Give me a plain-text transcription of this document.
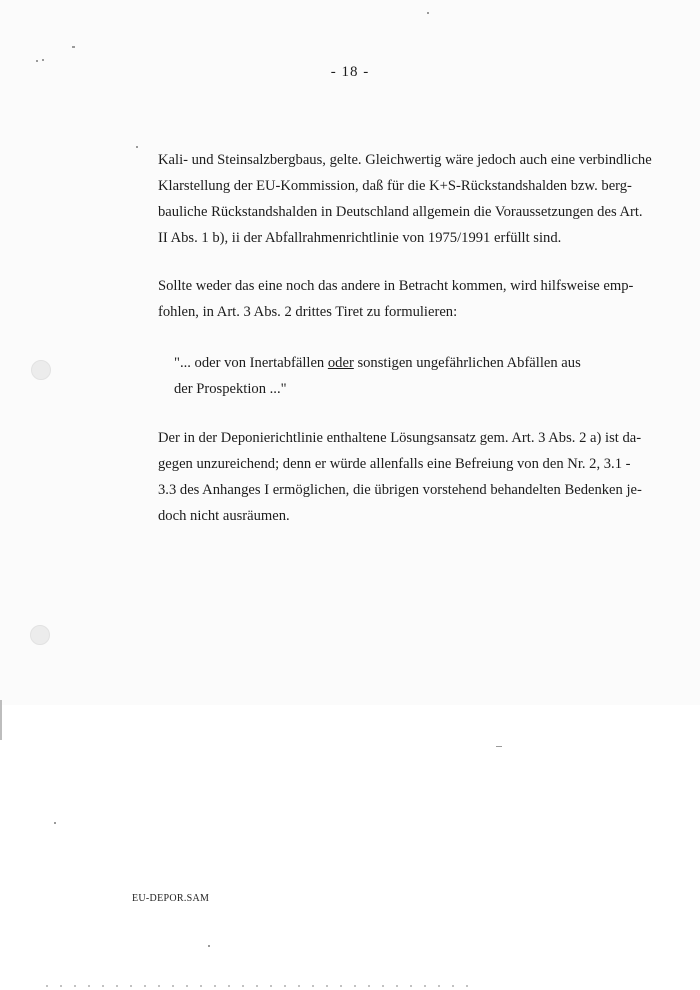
- 18 -

Kali- und Steinsalzbergbaus, gelte. Gleichwertig wäre jedoch auch eine verbindliche
Klarstellung der EU-Kommission, daß für die K+S-Rückstandshalden bzw. berg-
bauliche Rückstandshalden in Deutschland allgemein die Voraussetzungen des Art.
II Abs. 1 b), ii der Abfallrahmenrichtlinie von 1975/1991 erfüllt sind.

Sollte weder das eine noch das andere in Betracht kommen, wird hilfsweise emp-
fohlen, in Art. 3 Abs. 2 drittes Tiret zu formulieren:

"... oder von Inertabfällen oder sonstigen ungefährlichen Abfällen aus
der Prospektion ..."

Der in der Deponierichtlinie enthaltene Lösungsansatz gem. Art. 3 Abs. 2 a) ist da-
gegen unzureichend; denn er würde allenfalls eine Befreiung von den Nr. 2, 3.1 -
3.3 des Anhanges I ermöglichen, die übrigen vorstehend behandelten Bedenken je-
doch nicht ausräumen.

EU-DEPOR.SAM
